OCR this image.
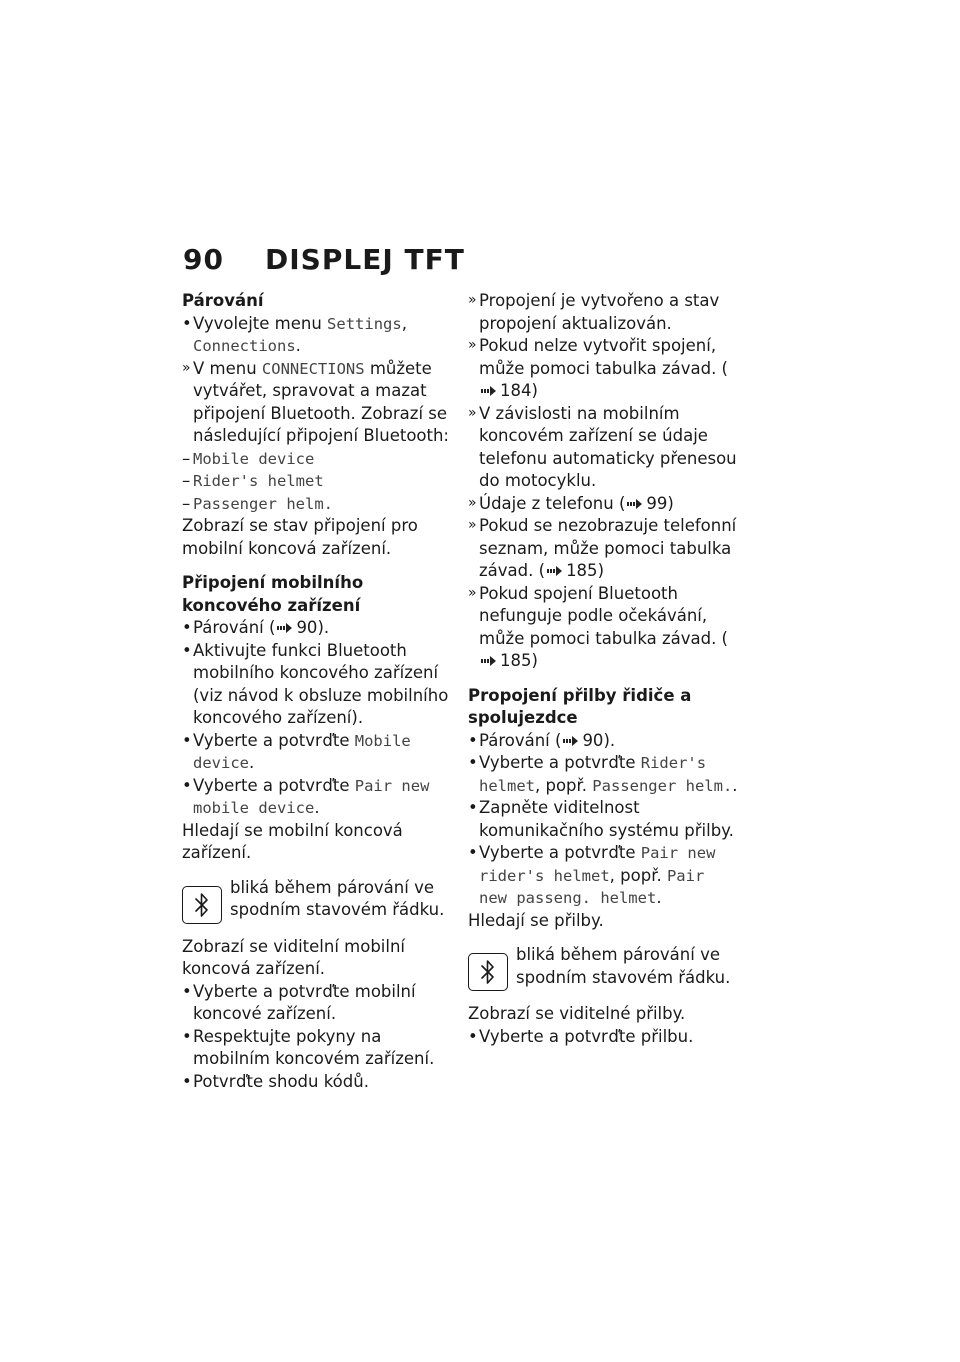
90	DISPLEJ TFT

Párování

• Vyvolejte menu Settings, Connections.

» V menu CONNECTIONS můžete vytvářet, spravovat a mazat připojení Bluetooth. Zobrazí se následující připojení Bluetooth:

– Mobile device

– Rider's helmet

– Passenger helm.

Zobrazí se stav připojení pro mobilní koncová zařízení.

Připojení mobilního koncového zařízení

• Párování ( 90).

• Aktivujte funkci Bluetooth mobilního koncového zařízení (viz návod k obsluze mobilního koncového zařízení).

• Vyberte a potvrďte Mobile device.

• Vyberte a potvrďte Pair new mobile device.

Hledají se mobilní koncová zařízení.

bliká během párování ve spodním stavovém řádku.

Zobrazí se viditelní mobilní koncová zařízení.

• Vyberte a potvrďte mobilní koncové zařízení.

• Respektujte pokyny na mobilním koncovém zařízení.

• Potvrďte shodu kódů.

» Propojení je vytvořeno a stav propojení aktualizován.

» Pokud nelze vytvořit spojení, může pomoci tabulka závad. (184)

» V závislosti na mobilním koncovém zařízení se údaje telefonu automaticky přenesou do motocyklu.

» Údaje z telefonu ( 99)

» Pokud se nezobrazuje telefonní seznam, může pomoci tabulka závad. ( 185)

» Pokud spojení Bluetooth nefunguje podle očekávání, může pomoci tabulka závad. (185)

Propojení přilby řidiče a spolujezdce

• Párování ( 90).

• Vyberte a potvrďte Rider's helmet, popř. Passenger helm..

• Zapněte viditelnost komunikačního systému přilby.

• Vyberte a potvrďte Pair new rider's helmet, popř. Pair new passeng. helmet.

Hledají se přilby.

bliká během párování ve spodním stavovém řádku.

Zobrazí se viditelné přilby.

• Vyberte a potvrďte přilbu.
